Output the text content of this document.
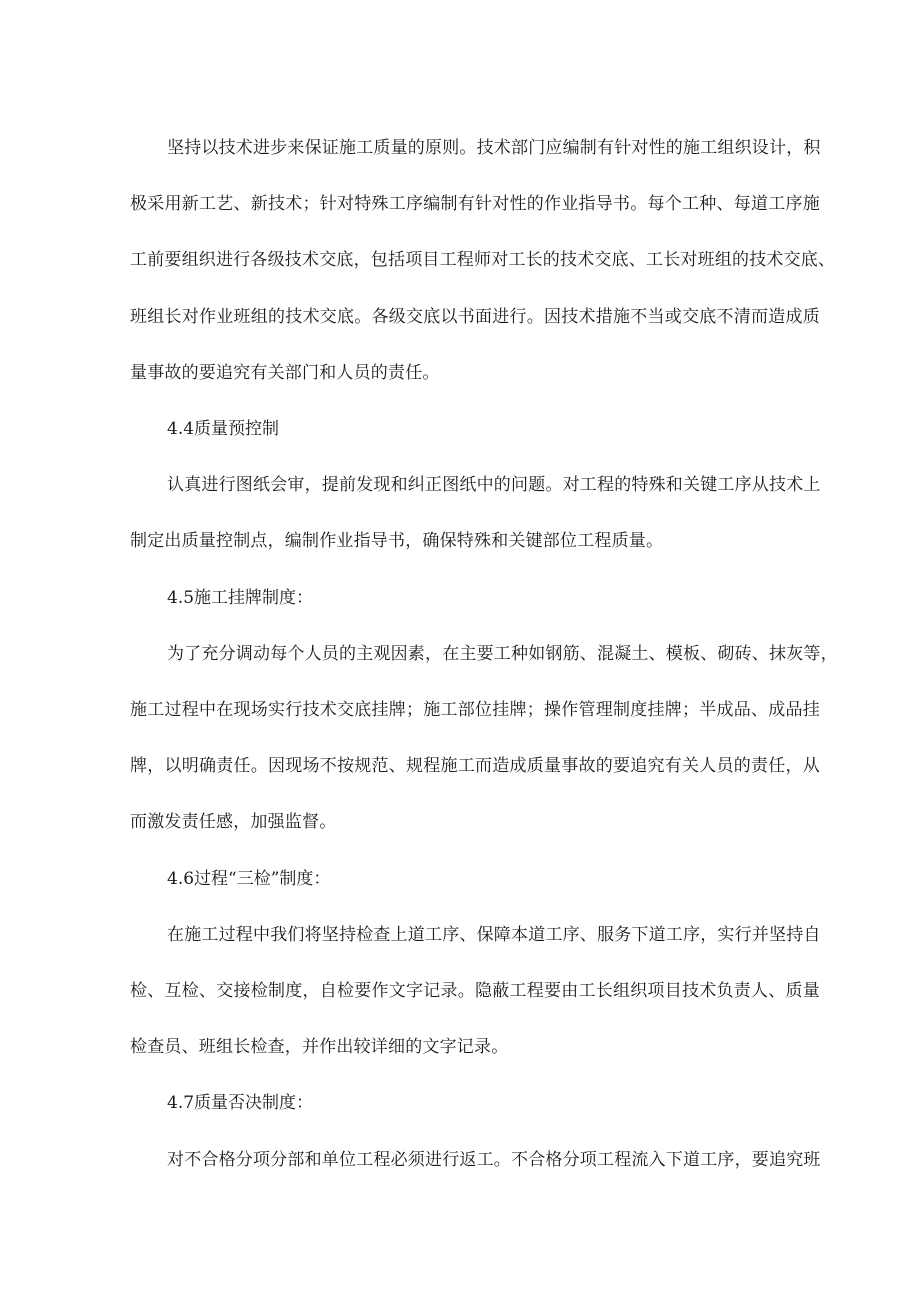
坚持以技术进步来保证施工质量的原则。技术部门应编制有针对性的施工组织设计，积
极采用新工艺、新技术；针对特殊工序编制有针对性的作业指导书。每个工种、每道工序施
工前要组织进行各级技术交底，包括项目工程师对工长的技术交底、工长对班组的技术交底、
班组长对作业班组的技术交底。各级交底以书面进行。因技术措施不当或交底不清而造成质
量事故的要追究有关部门和人员的责任。

4.4质量预控制

认真进行图纸会审，提前发现和纠正图纸中的问题。对工程的特殊和关键工序从技术上
制定出质量控制点，编制作业指导书，确保特殊和关键部位工程质量。

4.5施工挂牌制度：

为了充分调动每个人员的主观因素，在主要工种如钢筋、混凝土、模板、砌砖、抹灰等，
施工过程中在现场实行技术交底挂牌；施工部位挂牌；操作管理制度挂牌；半成品、成品挂
牌，以明确责任。因现场不按规范、规程施工而造成质量事故的要追究有关人员的责任，从
而激发责任感，加强监督。

4.6过程“三检”制度：

在施工过程中我们将坚持检查上道工序、保障本道工序、服务下道工序，实行并坚持自
检、互检、交接检制度，自检要作文字记录。隐蔽工程要由工长组织项目技术负责人、质量
检查员、班组长检查，并作出较详细的文字记录。

4.7质量否决制度：

对不合格分项分部和单位工程必须进行返工。不合格分项工程流入下道工序，要追究班
